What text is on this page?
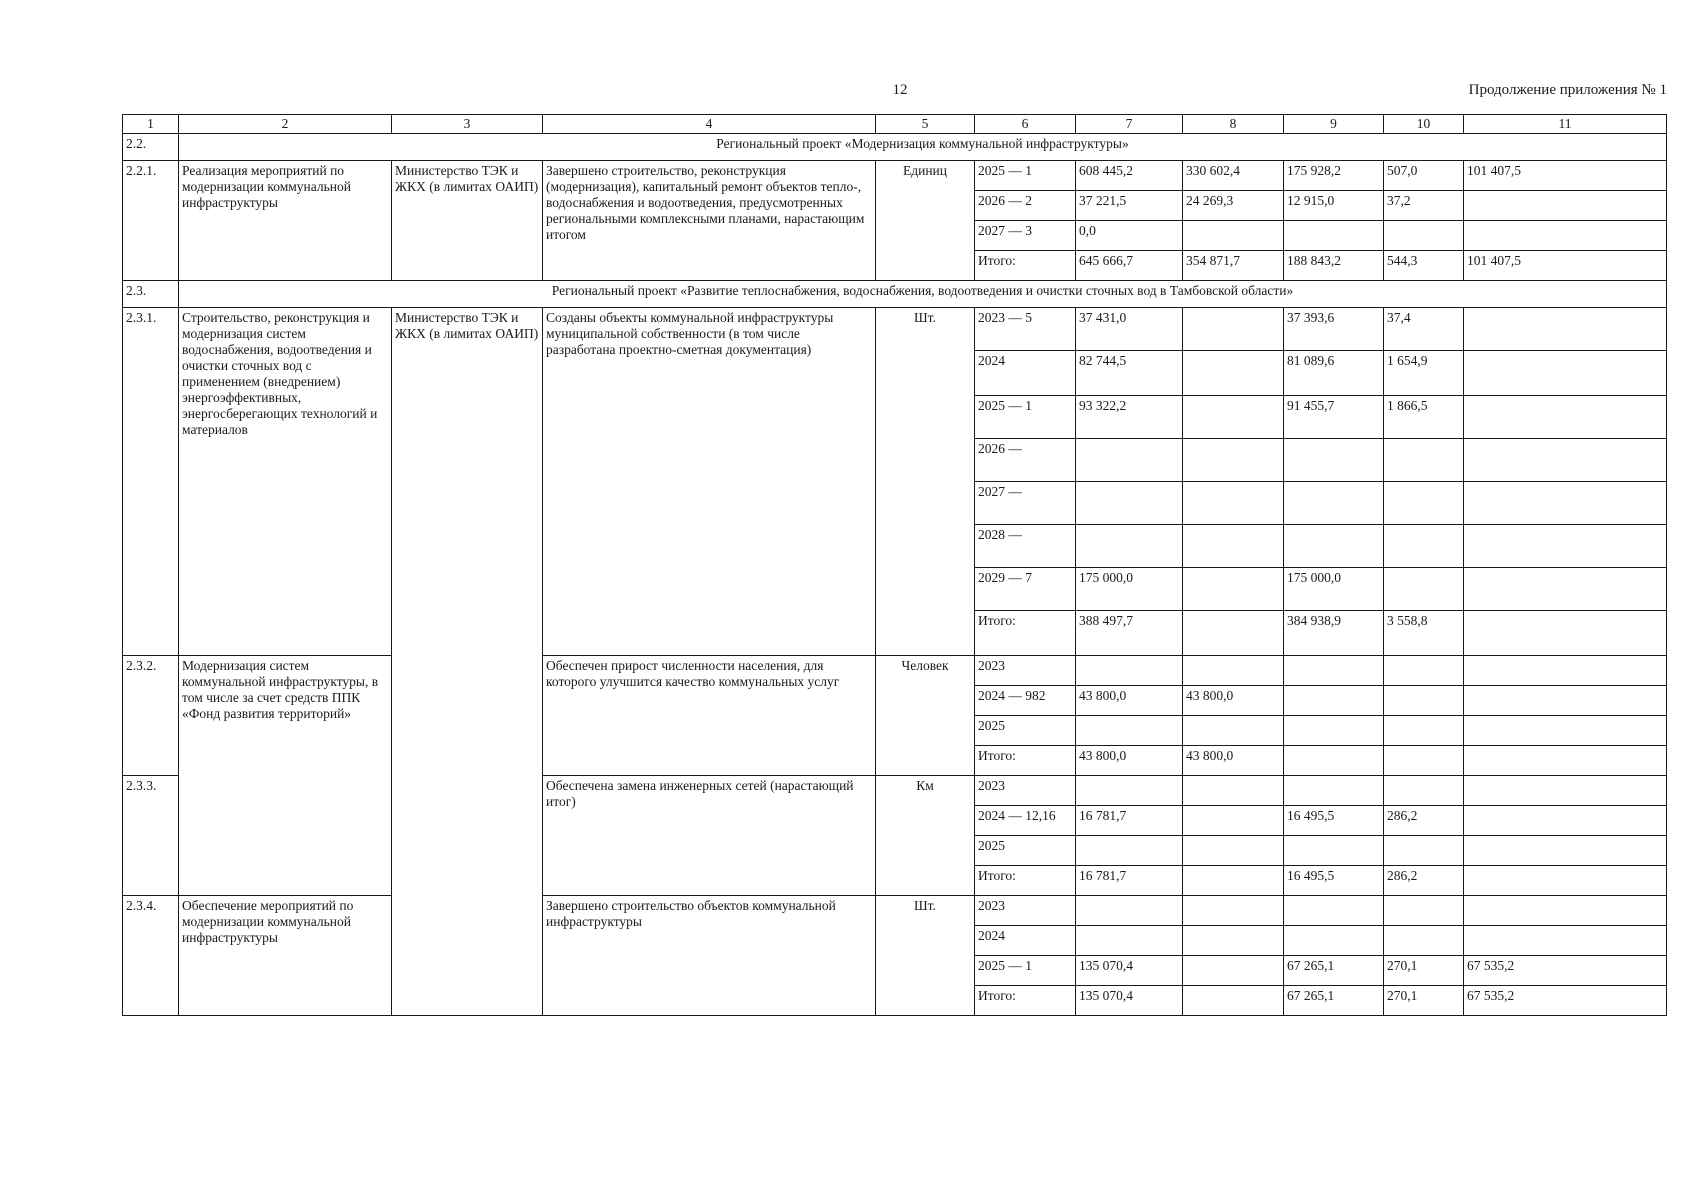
12	Продолжение приложения № 1
1	2	3	4	5	6	7	8	9	10	11
2.2.	Региональный проект «Модернизация коммунальной инфраструктуры»									
2.2.1.	Реализация мероприятий по модернизации коммунальной инфраструктуры	Министерство ТЭК и ЖКХ (в лимитах ОАИП)	Завершено строительство, реконструкция (модернизация), капитальный ремонт объектов тепло-, водоснабжения и водоотведения, предусмотренных региональными комплексными планами, нарастающим итогом	Единиц	2025 — 1	608 445,2	330 602,4	175 928,2	507,0	101 407,5
					2026 — 2	37 221,5	24 269,3	12 915,0	37,2	
					2027 — 3	0,0				
					Итого:	645 666,7	354 871,7	188 843,2	544,3	101 407,5
2.3.	Региональный проект «Развитие теплоснабжения, водоснабжения, водоотведения и очистки сточных вод в Тамбовской области»									
2.3.1.	Строительство, реконструкция и модернизация систем водоснабжения, водоотведения и очистки сточных вод с применением (внедрением) энергоэффективных, энергосберегающих технологий и материалов	Министерство ТЭК и ЖКХ (в лимитах ОАИП)	Созданы объекты коммунальной инфраструктуры муниципальной собственности (в том числе разработана проектно-сметная документация)	Шт.	2023 — 5	37 431,0		37 393,6	37,4	
					2024	82 744,5		81 089,6	1 654,9	
					2025 — 1	93 322,2		91 455,7	1 866,5	
					2026 —					
					2027 —					
					2028 —					
					2029 — 7	175 000,0		175 000,0		
					Итого:	388 497,7		384 938,9	3 558,8	
2.3.2.	Модернизация систем коммунальной инфраструктуры, в том числе за счет средств ППК «Фонд развития территорий»		Обеспечен прирост численности населения, для которого улучшится качество коммунальных услуг	Человек	2023					
					2024 — 982	43 800,0	43 800,0			
					2025					
					Итого:	43 800,0	43 800,0			
2.3.3.			Обеспечена замена инженерных сетей (нарастающий итог)	Км	2023					
					2024 — 12,16	16 781,7		16 495,5	286,2	
					2025					
					Итого:	16 781,7		16 495,5	286,2	
2.3.4.	Обеспечение мероприятий по модернизации коммунальной инфраструктуры		Завершено строительство объектов коммунальной инфраструктуры	Шт.	2023					
					2024					
					2025 — 1	135 070,4		67 265,1	270,1	67 535,2
					Итого:	135 070,4		67 265,1	270,1	67 535,2
